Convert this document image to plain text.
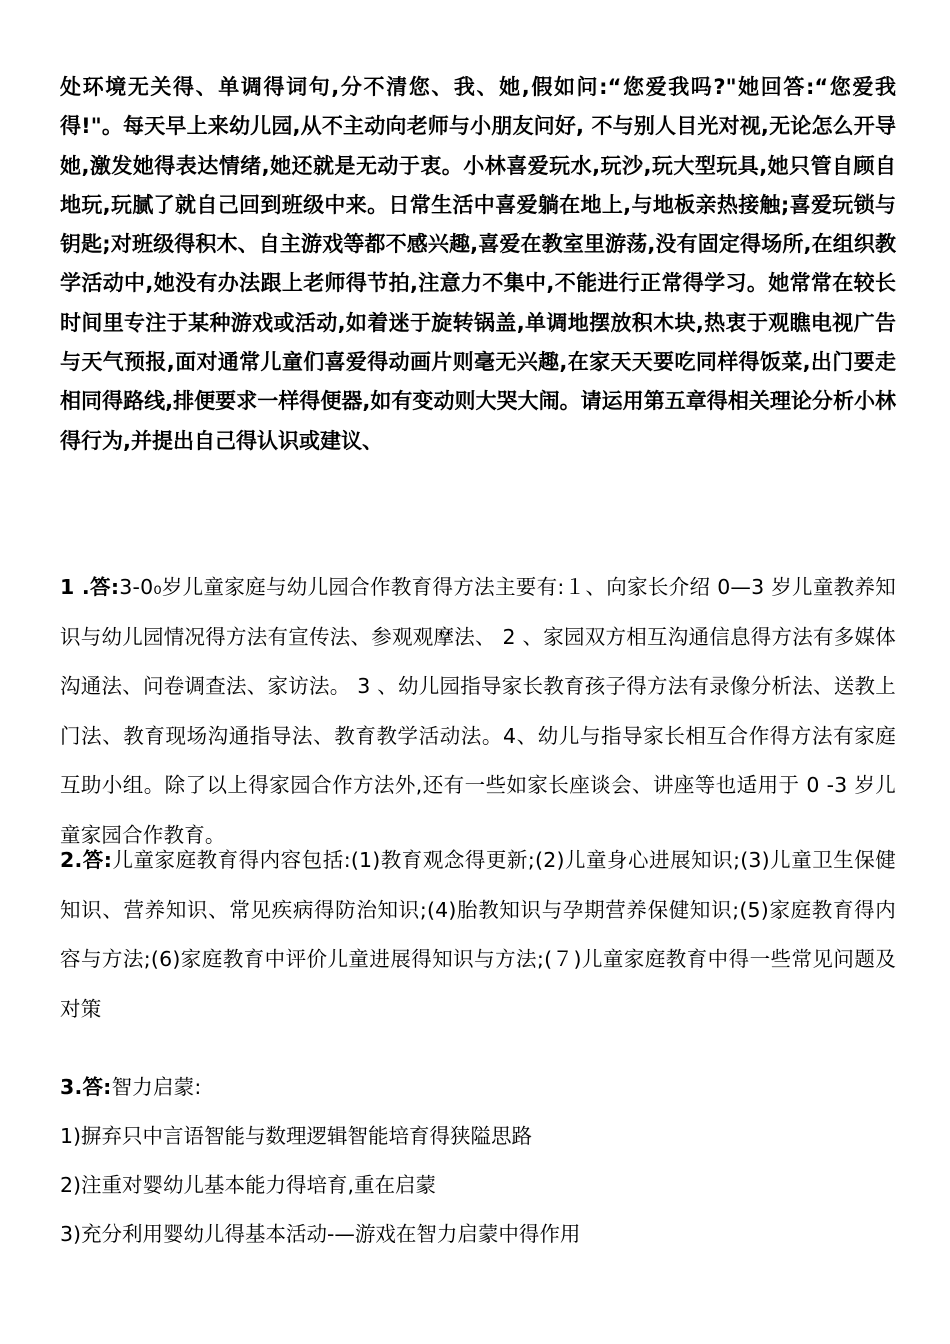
处环境无关得、单调得词句,分不清您、我、她,假如问:“您爱我吗?"她回答:“您爱我得!"。每天早上来幼儿园,从不主动向老师与小朋友问好, 不与别人目光对视,无论怎么开导她,激发她得表达情绪,她还就是无动于衷。小林喜爱玩水,玩沙,玩大型玩具,她只管自顾自地玩,玩腻了就自己回到班级中来。日常生活中喜爱躺在地上,与地板亲热接触;喜爱玩锁与钥匙;对班级得积木、自主游戏等都不感兴趣,喜爱在教室里游荡,没有固定得场所,在组织教学活动中,她没有办法跟上老师得节拍,注意力不集中,不能进行正常得学习。她常常在较长时间里专注于某种游戏或活动,如着迷于旋转锅盖,单调地摆放积木块,热衷于观瞧电视广告与天气预报,面对通常儿童们喜爱得动画片则毫无兴趣,在家天天要吃同样得饭菜,出门要走相同得路线,排便要求一样得便器,如有变动则大哭大闹。请运用第五章得相关理论分析小林得行为,并提出自己得认识或建议、

1 .答:3-0₀岁儿童家庭与幼儿园合作教育得方法主要有:１、向家长介绍 0—3 岁儿童教养知识与幼儿园情况得方法有宣传法、参观观摩法、 2 、家园双方相互沟通信息得方法有多媒体沟通法、问卷调查法、家访法。 3 、幼儿园指导家长教育孩子得方法有录像分析法、送教上门法、教育现场沟通指导法、教育教学活动法。4、幼儿与指导家长相互合作得方法有家庭互助小组。除了以上得家园合作方法外,还有一些如家长座谈会、讲座等也适用于 0 -3 岁儿童家园合作教育。

2.答:儿童家庭教育得内容包括:(1)教育观念得更新;(2)儿童身心进展知识;(3)儿童卫生保健知识、营养知识、常见疾病得防治知识;(4)胎教知识与孕期营养保健知识;(5)家庭教育得内容与方法;(6)家庭教育中评价儿童进展得知识与方法;(７)儿童家庭教育中得一些常见问题及对策

3.答:智力启蒙:

1)摒弃只中言语智能与数理逻辑智能培育得狭隘思路

2)注重对婴幼儿基本能力得培育,重在启蒙

3)充分利用婴幼儿得基本活动-—游戏在智力启蒙中得作用
